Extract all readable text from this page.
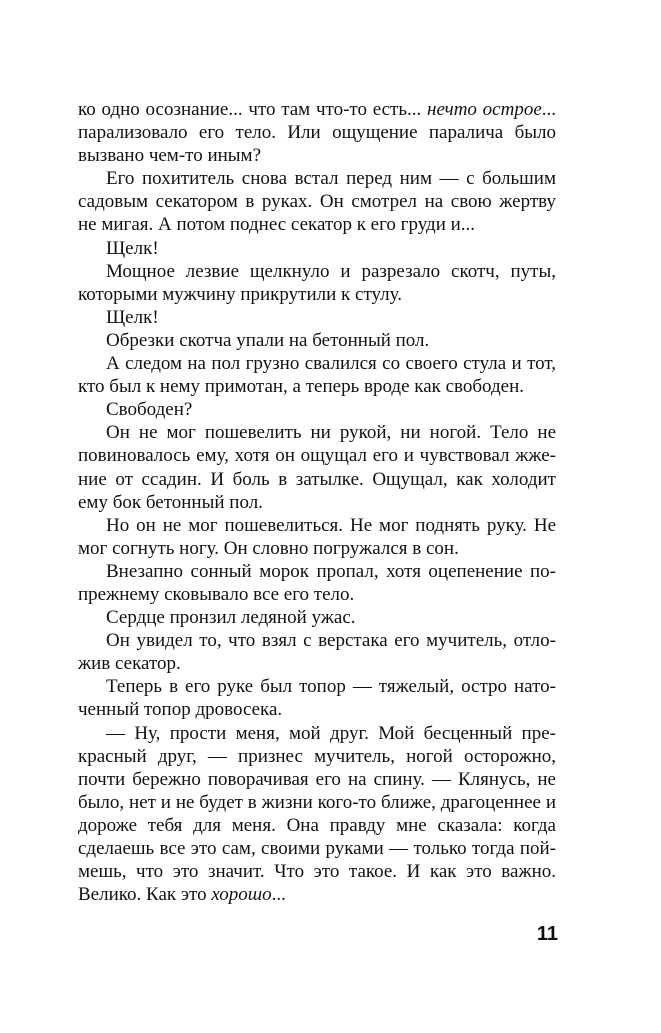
ко одно осознание... что там что-то есть... нечто острое... парализовало его тело. Или ощущение паралича было вызвано чем-то иным?

Его похититель снова встал перед ним — с большим садовым секатором в руках. Он смотрел на свою жертву не мигая. А потом поднес секатор к его груди и...

Щелк!

Мощное лезвие щелкнуло и разрезало скотч, путы, которыми мужчину прикрутили к стулу.

Щелк!

Обрезки скотча упали на бетонный пол.

А следом на пол грузно свалился со своего стула и тот, кто был к нему примотан, а теперь вроде как свободен.

Свободен?

Он не мог пошевелить ни рукой, ни ногой. Тело не повиновалось ему, хотя он ощущал его и чувствовал жжение от ссадин. И боль в затылке. Ощущал, как холодит ему бок бетонный пол.

Но он не мог пошевелиться. Не мог поднять руку. Не мог согнуть ногу. Он словно погружался в сон.

Внезапно сонный морок пропал, хотя оцепенение по-прежнему сковывало все его тело.

Сердце пронзил ледяной ужас.

Он увидел то, что взял с верстака его мучитель, отложив секатор.

Теперь в его руке был топор — тяжелый, остро наточенный топор дровосека.

— Ну, прости меня, мой друг. Мой бесценный прекрасный друг, — признес мучитель, ногой осторожно, почти бережно поворачивая его на спину. — Клянусь, не было, нет и не будет в жизни кого-то ближе, драгоценнее и дороже тебя для меня. Она правду мне сказала: когда сделаешь все это сам, своими руками — только тогда поймешь, что это значит. Что это такое. И как это важно. Велико. Как это хорошо...

11
